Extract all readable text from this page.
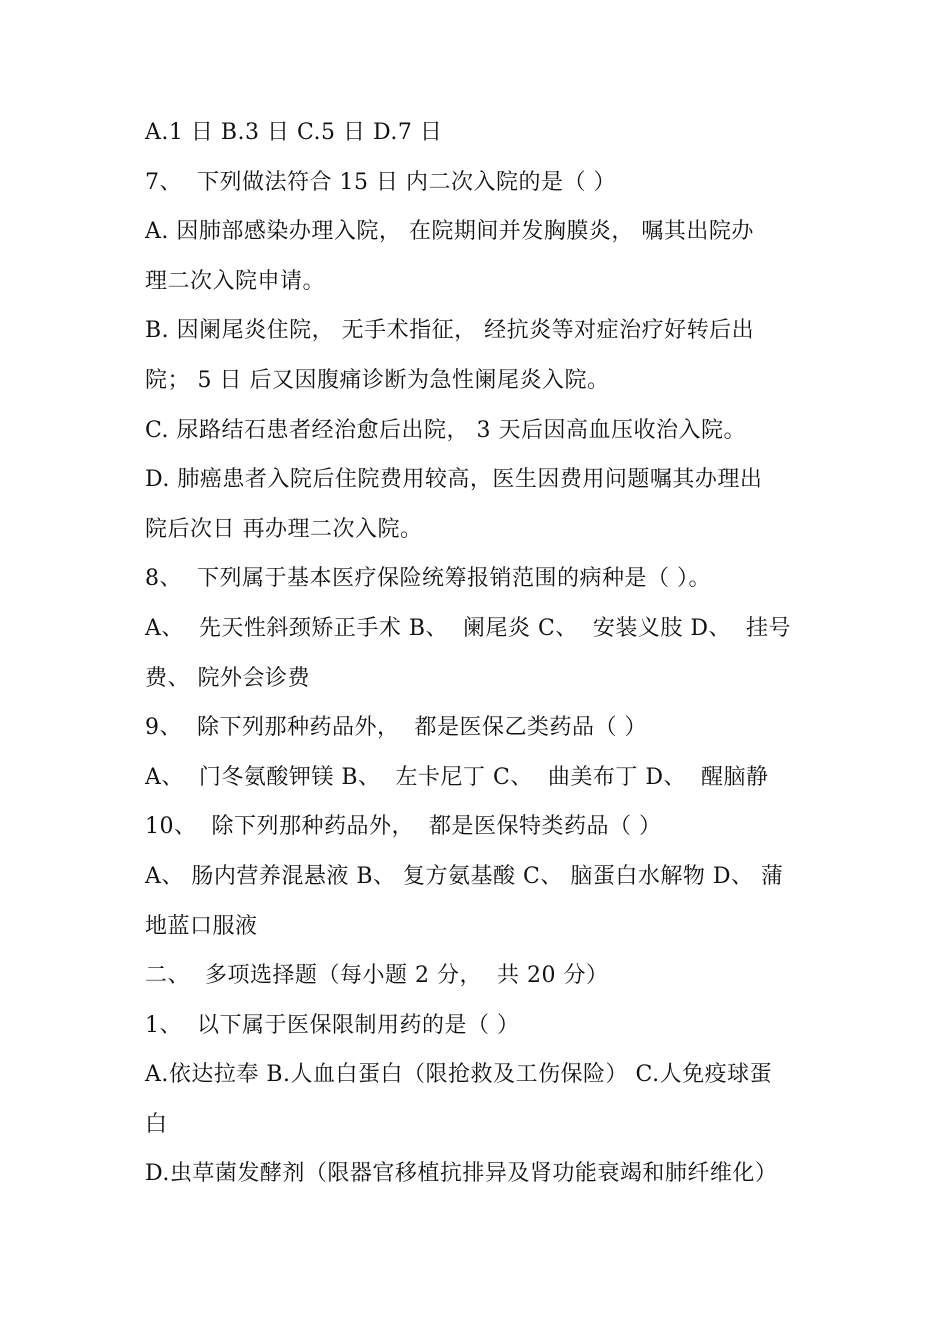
A.1 日 B.3 日 C.5 日 D.7 日
7、  下列做法符合 15 日 内二次入院的是（ ）
A. 因肺部感染办理入院， 在院期间并发胸膜炎， 嘱其出院办
理二次入院申请。
B. 因阑尾炎住院， 无手术指征， 经抗炎等对症治疗好转后出
院； 5 日 后又因腹痛诊断为急性阑尾炎入院。
C. 尿路结石患者经治愈后出院， 3 天后因高血压收治入院。
D. 肺癌患者入院后住院费用较高，医生因费用问题嘱其办理出
院后次日 再办理二次入院。
8、  下列属于基本医疗保险统筹报销范围的病种是（ ）。
A、  先天性斜颈矫正手术 B、  阑尾炎 C、  安装义肢 D、  挂号
费、 院外会诊费
9、  除下列那种药品外，  都是医保乙类药品（ ）
A、  门冬氨酸钾镁 B、  左卡尼丁 C、  曲美布丁 D、  醒脑静
10、  除下列那种药品外，  都是医保特类药品（ ）
A、 肠内营养混悬液 B、 复方氨基酸 C、 脑蛋白水解物 D、 蒲
地蓝口服液
二、  多项选择题（每小题 2 分，  共 20 分）
1、  以下属于医保限制用药的是（ ）
A.依达拉奉 B.人血白蛋白（限抢救及工伤保险） C.人免疫球蛋
白
D.虫草菌发酵剂（限器官移植抗排异及肾功能衰竭和肺纤维化）
